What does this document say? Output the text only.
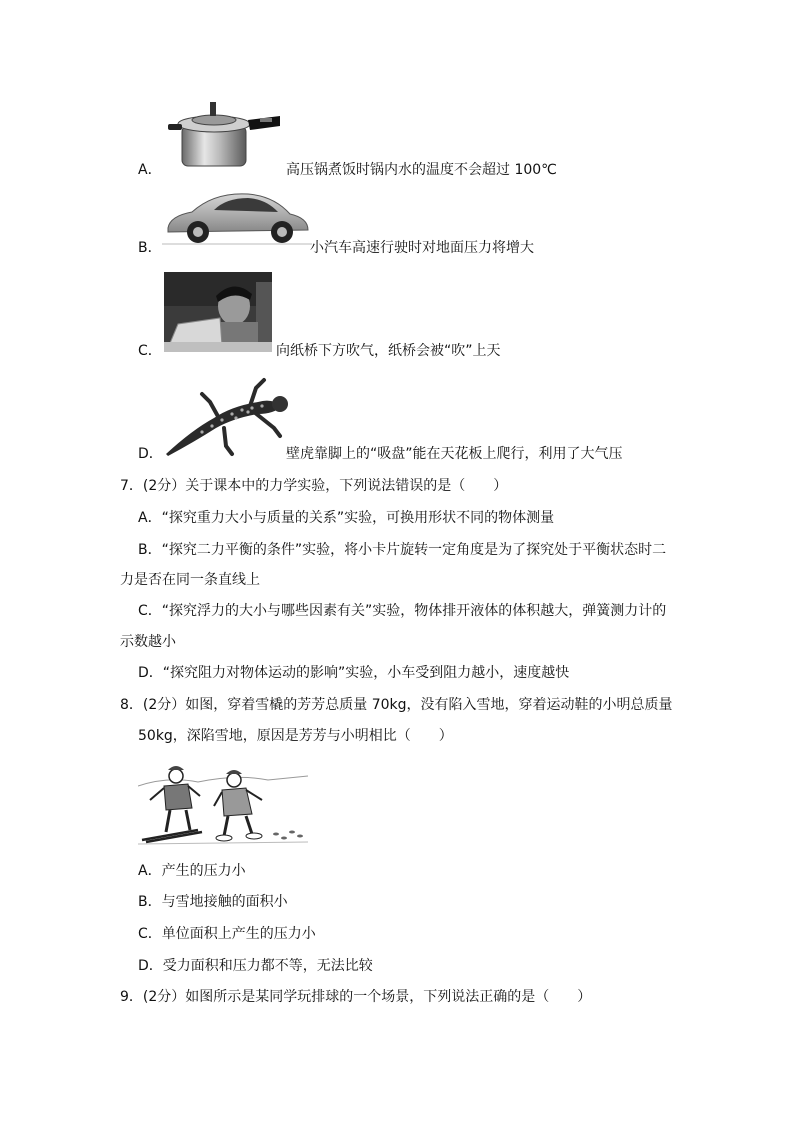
A．	高压锅煮饭时锅内水的温度不会超过 100℃
B．	小汽车高速行驶时对地面压力将增大
C．	向纸桥下方吹气，纸桥会被“吹”上天
D．	壁虎靠脚上的“吸盘”能在天花板上爬行，利用了大气压
7．(2分）关于课本中的力学实验，下列说法错误的是（　　）
A．“探究重力大小与质量的关系”实验，可换用形状不同的物体测量
B．“探究二力平衡的条件”实验，将小卡片旋转一定角度是为了探究处于平衡状态时二
力是否在同一条直线上
C．“探究浮力的大小与哪些因素有关”实验，物体排开液体的体积越大，弹簧测力计的
示数越小
D．“探究阻力对物体运动的影响”实验，小车受到阻力越小，速度越快
8．(2分）如图，穿着雪橇的芳芳总质量 70kg，没有陷入雪地，穿着运动鞋的小明总质量
50kg，深陷雪地，原因是芳芳与小明相比（　　）
A．产生的压力小
B．与雪地接触的面积小
C．单位面积上产生的压力小
D．受力面积和压力都不等，无法比较
9．(2分）如图所示是某同学玩排球的一个场景，下列说法正确的是（　　）
